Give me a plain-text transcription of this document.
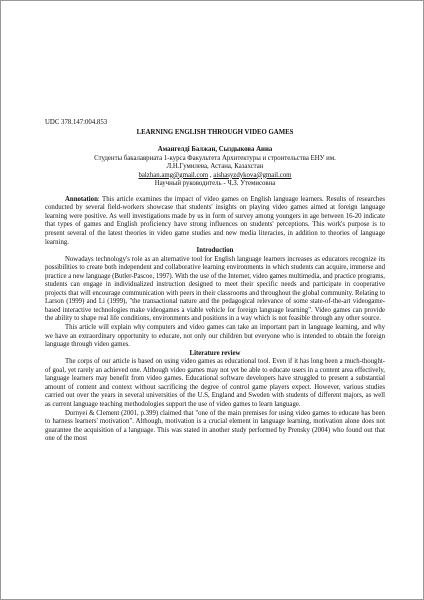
UDC 378.147:004.853

LEARNING ENGLISH THROUGH VIDEO GAMES

Амангелді Балжан, Сыздыкова Анна

Студенты бакалавриата 1-курса Факультета Архитектуры и строительства ЕНУ им.

Л.Н.Гумилева, Астана, Казахстан

balzhan.amg@gmail.com , aishasyzdykova@gmail.com

Научный руководитель - Ч.З. Утемисовна

Annotation: This article examines the impact of video games on English language learners. Results of researches conducted by several field-workers showcase that students' insights on playing video games aimed at foreign language learning were positive. As well investigations made by us in form of survey among youngers in age between 16-20 indicate that types of games and English proficiency have strong influences on students' perceptions. This work's purpose is to present several of the latest theories in video game studies and new media literacies, in addition to theories of language learning.

Introduction

Nowadays technology's role as an alternative tool for English language learners increases as educators recognize its possibilities to create both independent and collaborative learning environments in which students can acquire, immerse and practice a new language (Butler-Pascoe, 1997). With the use of the Internet, video games multimedia, and practice programs, students can engage in individualized instruction designed to meet their specific needs and participate in cooperative projects that will encourage communication with peers in their classrooms and throughout the global community. Relating to Larson (1999) and Li (1999), "the transactional nature and the pedagogical relevance of some state-of-the-art videogame-based interactive technologies make videogames a viable vehicle for foreign language learning". Video games can provide the ability to shape real life conditions, environments and positions in a way which is not feasible through any other source.

This article will explain why computers and video games can take an important part in language learning, and why we have an extraordinary opportunity to educate, not only our children but everyone who is intended to obtain the foreign language through video games.

Literature review

The corps of our article is based on using video games as educational tool. Even if it has long been a much-thought-of goal, yet rarely an achieved one. Although video games may not yet be able to educate users in a content area effectively, language learners may benefit from video games. Educational software developers have struggled to present a substantial amount of content and context without sacrificing the degree of control game players expect. However, various studies carried out over the years in several universities of the U.S, England and Sweden with students of different majors, as well as current language teaching methodologies support the use of video games to learn language.

Dornyei & Clement (2001, p.399) claimed that "one of the main premises for using video games to educate has been to harness learners' motivation". Although, motivation is a crucial element in language learning, motivation alone does not guarantee the acquisition of a language. This was stated in another study performed by Prensky (2004) who found out that one of the most
